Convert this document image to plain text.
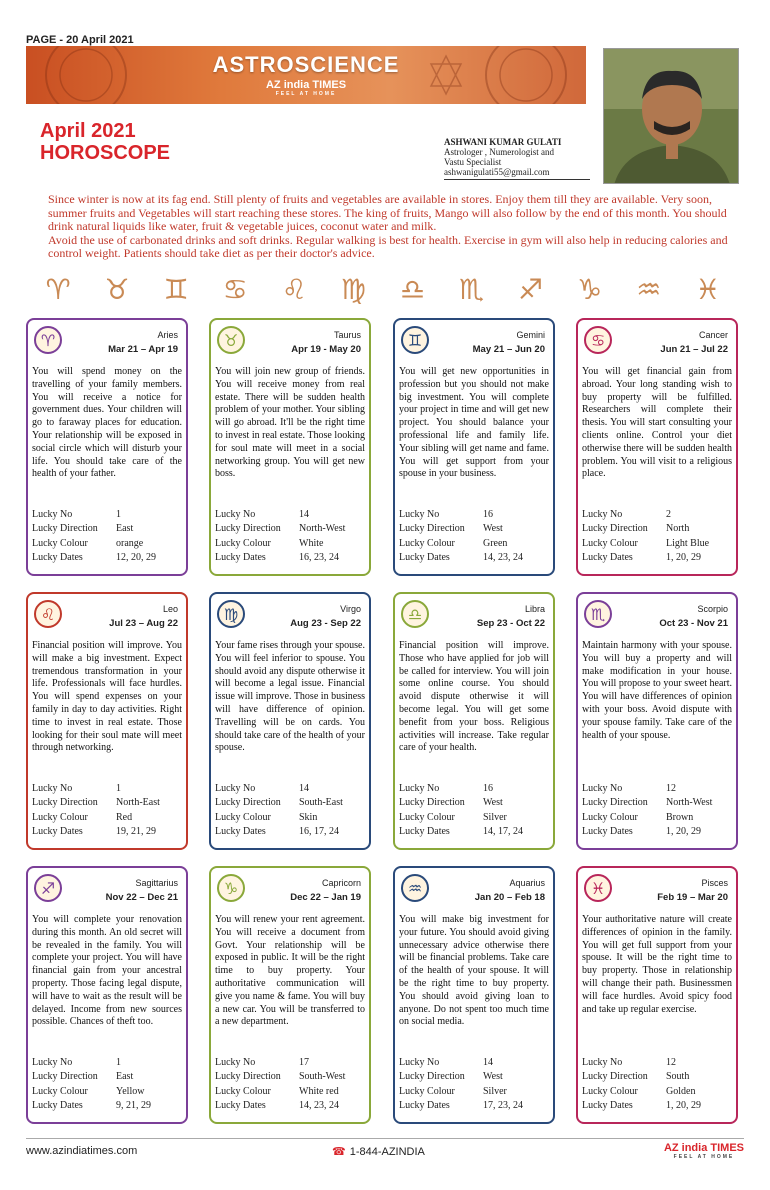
PAGE - 20 April 2021
ASTROSCIENCE
AZ india TIMES
FEEL AT HOME
April 2021
HOROSCOPE	ASHWANI KUMAR GULATI
Astrologer , Numerologist and
Vastu Specialist
ashwanigulati55@gmail.com

Since winter is now at its fag end. Still plenty of fruits and vegetables are available in stores. Enjoy them till they are available. Very soon, summer fruits and Vegetables will start reaching these stores. The king of fruits, Mango will also follow by the end of this month. You should drink natural liquids like water, fruit & vegetable juices, coconut water and milk.

Avoid the use of carbonated drinks and soft drinks. Regular walking is best for health. Exercise in gym will also help in reducing calories and control weight. Patients should take diet as per their doctor's advice.

♈ ♉ ♊ ♋ ♌ ♍ ♎ ♏ ♐ ♑ ♒ ♓
♈	Aries
Mar 21 – Apr 19
You will spend money on the travelling of your family members. You will receive a notice for government dues. Your children will go to faraway places for education. Your relationship will be exposed in social circle which will disturb your life. You should take care of the health of your father.
Lucky No	1
Lucky Direction	East
Lucky Colour	orange
Lucky Dates	12, 20, 29
♉	Taurus
Apr 19 - May 20
You will join new group of friends. You will receive money from real estate. There will be sudden health problem of your mother. Your sibling will go abroad. It'll be the right time to invest in real estate. Those looking for soul mate will meet in a social networking group. You will get new boss.
Lucky No	14
Lucky Direction	North-West
Lucky Colour	White
Lucky Dates	16, 23, 24
♊	Gemini
May 21 – Jun 20
You will get new opportunities in profession but you should not make big investment. You will complete your project in time and will get new project. You should balance your professional life and family life. Your sibling will get name and fame. You will get support from your spouse in your business.
Lucky No	16
Lucky Direction	West
Lucky Colour	Green
Lucky Dates	14, 23, 24
♋	Cancer
Jun 21 – Jul 22
You will get financial gain from abroad. Your long standing wish to buy property will be fulfilled. Researchers will complete their thesis. You will start consulting your clients online. Control your diet otherwise there will be sudden health problem. You will visit to a religious place.
Lucky No	2
Lucky Direction	North
Lucky Colour	Light Blue
Lucky Dates	1, 20, 29
♌	Leo
Jul 23 – Aug 22
Financial position will improve. You will make a big investment. Expect tremendous transformation in your life. Professionals will face hurdles. You will spend expenses on your family in day to day activities. Right time to invest in real estate. Those looking for their soul mate will meet through networking.
Lucky No	1
Lucky Direction	North-East
Lucky Colour	Red
Lucky Dates	19, 21, 29
♍	Virgo
Aug 23 - Sep 22
Your fame rises through your spouse. You will feel inferior to spouse. You should avoid any dispute otherwise it will become a legal issue. Financial issue will improve. Those in business will have difference of opinion. Travelling will be on cards. You should take care of the health of your spouse.
Lucky No	14
Lucky Direction	South-East
Lucky Colour	Skin
Lucky Dates	16, 17, 24
♎	Libra
Sep 23 - Oct 22
Financial position will improve. Those who have applied for job will be called for interview. You will join some online course. You should avoid dispute otherwise it will become legal. You will get some benefit from your boss. Religious activities will increase. Take regular care of your health.
Lucky No	16
Lucky Direction	West
Lucky Colour	Silver
Lucky Dates	14, 17, 24
♏	Scorpio
Oct 23 - Nov 21
Maintain harmony with your spouse. You will buy a property and will make modification in your house. You will propose to your sweet heart. You will have differences of opinion with your boss. Avoid dispute with your spouse family. Take care of the health of your spouse.
Lucky No	12
Lucky Direction	North-West
Lucky Colour	Brown
Lucky Dates	1, 20, 29
♐	Sagittarius
Nov 22 – Dec 21
You will complete your renovation during this month. An old secret will be revealed in the family. You will complete your project. You will have financial gain from your ancestral property. Those facing legal dispute, will have to wait as the result will be delayed. Income from new sources possible. Chances of theft too.
Lucky No	1
Lucky Direction	East
Lucky Colour	Yellow
Lucky Dates	9, 21, 29
♑	Capricorn
Dec 22 – Jan 19
You will renew your rent agreement. You will receive a document from Govt. Your relationship will be exposed in public. It will be the right time to buy property. Your authoritative communication will give you name & fame. You will buy a new car. You will be transferred to a new department.
Lucky No	17
Lucky Direction	South-West
Lucky Colour	White red
Lucky Dates	14, 23, 24
♒	Aquarius
Jan 20 – Feb 18
You will make big investment for your future. You should avoid giving unnecessary advice otherwise there will be financial problems. Take care of the health of your spouse. It will be the right time to buy property. You should avoid giving loan to anyone. Do not spent too much time on social media.
Lucky No	14
Lucky Direction	West
Lucky Colour	Silver
Lucky Dates	17, 23, 24
♓	Pisces
Feb 19 – Mar 20
Your authoritative nature will create differences of opinion in the family. You will get full support from your spouse. It will be the right time to buy property. Those in relationship will change their path. Businessmen will face hurdles. Avoid spicy food and take up regular exercise.
Lucky No	12
Lucky Direction	South
Lucky Colour	Golden
Lucky Dates	1, 20, 29
www.azindiatimes.com	☎ 1-844-AZINDIA	AZ india TIMES
FEEL AT HOME
